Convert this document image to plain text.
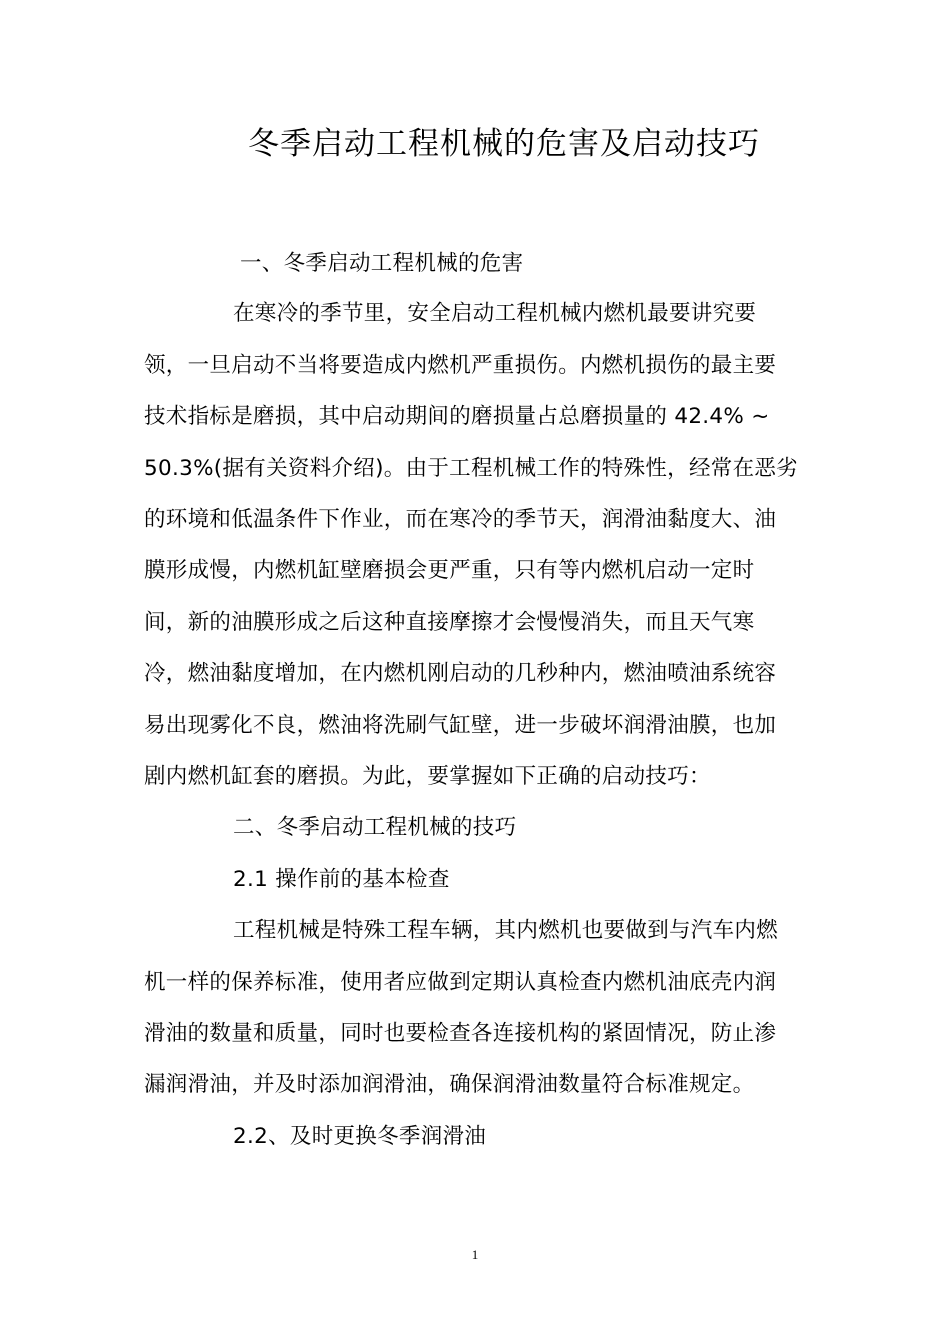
冬季启动工程机械的危害及启动技巧
一、冬季启动工程机械的危害
在寒冷的季节里，安全启动工程机械内燃机最要讲究要
领，一旦启动不当将要造成内燃机严重损伤。内燃机损伤的最主要
技术指标是磨损，其中启动期间的磨损量占总磨损量的 42.4% ~
50.3%(据有关资料介绍)。由于工程机械工作的特殊性，经常在恶劣
的环境和低温条件下作业，而在寒冷的季节天，润滑油黏度大、油
膜形成慢，内燃机缸壁磨损会更严重，只有等内燃机启动一定时
间，新的油膜形成之后这种直接摩擦才会慢慢消失，而且天气寒
冷，燃油黏度增加，在内燃机刚启动的几秒种内，燃油喷油系统容
易出现雾化不良，燃油将洗刷气缸壁，进一步破坏润滑油膜，也加
剧内燃机缸套的磨损。为此，要掌握如下正确的启动技巧：
二、冬季启动工程机械的技巧
2.1 操作前的基本检查
工程机械是特殊工程车辆，其内燃机也要做到与汽车内燃
机一样的保养标准，使用者应做到定期认真检查内燃机油底壳内润
滑油的数量和质量，同时也要检查各连接机构的紧固情况，防止渗
漏润滑油，并及时添加润滑油，确保润滑油数量符合标准规定。
2.2、及时更换冬季润滑油
1
